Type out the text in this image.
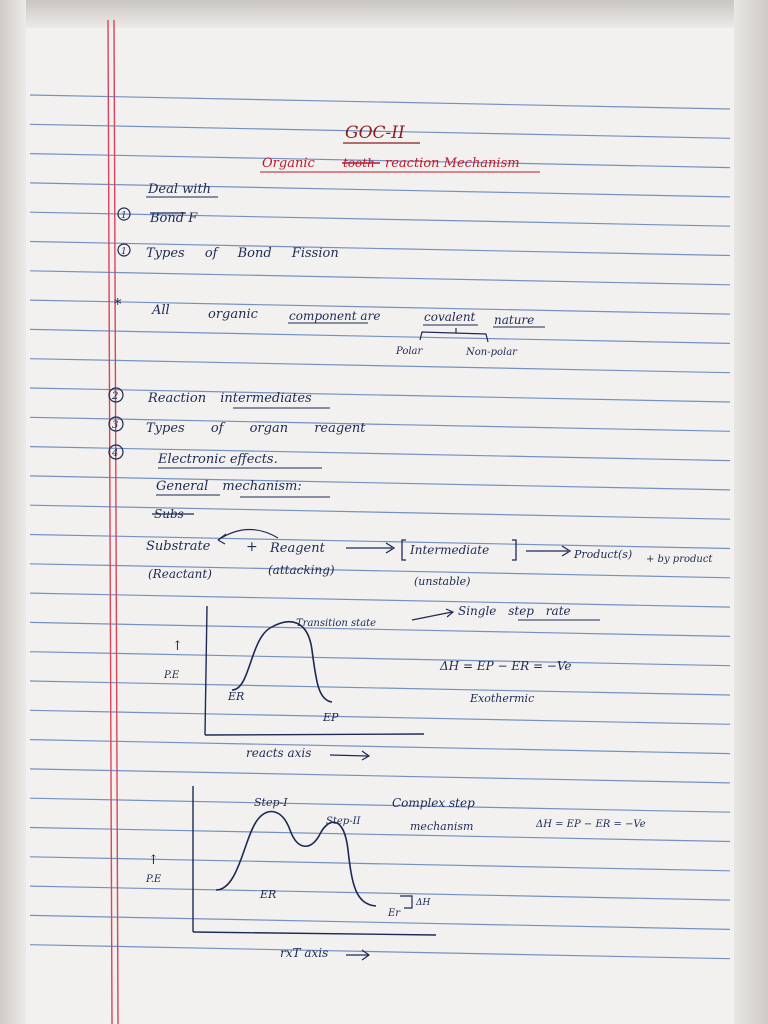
GOC-II
Organic tooth reaction Mechanism
Deal with
1 Bond F
1 Types of Bond Fission
* All	organic	component are	covalent nature
Polar	Non-polar
2 Reaction intermediates
3 Types of organ reagent
4	Electronic effects.
General mechanism:
Subs
Substrate	+ Reagent	Intermediate	Product(s) + by product
(Reactant)	(attacking)
(unstable)
Transition state
Single step rate
↑
P.E
ER
EP
ΔH = EP − ER = −Ve
Exothermic
reacts axis
Step-I
Step-II
Complex step
mechanism	ΔH = EP − ER = −Ve
↑
P.E
ER
Er
ΔH
rxT axis
